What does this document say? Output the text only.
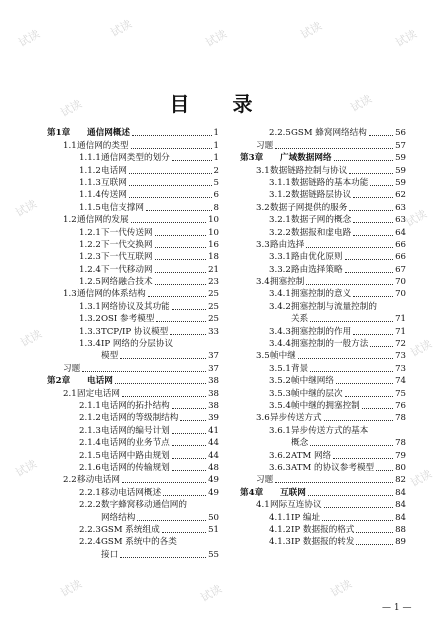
目 录
第1章	通信网概述	1
1.1 通信网的类型	1
1.1.1 通信网类型的划分	1
1.1.2 电话网	2
1.1.3 互联网	5
1.1.4 传送网	6
1.1.5 电信支撑网	8
1.2 通信网的发展	10
1.2.1 下一代传送网	10
1.2.2 下一代交换网	16
1.2.3 下一代互联网	18
1.2.4 下一代移动网	21
1.2.5 网络融合技术	23
1.3 通信网的体系结构	25
1.3.1 网络协议及其功能	25
1.3.2 OSI 参考模型	25
1.3.3 TCP/IP 协议模型	33
1.3.4 IP 网络的分层协议
模型	37
习题	37
第2章	电话网	38
2.1 固定电话网	38
2.1.1 电话网的拓扑结构	38
2.1.2 电话网的等级制结构	39
2.1.3 电话网的编号计划	41
2.1.4 电话网的业务节点	44
2.1.5 电话网中路由规划	44
2.1.6 电话网的传输规划	48
2.2 移动电话网	49
2.2.1 移动电话网概述	49
2.2.2 数字蜂窝移动通信网的
网络结构	50
2.2.3 GSM 系统组成	51
2.2.4 GSM 系统中的各类
接口	55
2.2.5 GSM 蜂窝网络结构	56
习题	57
第3章	广域数据网络	59
3.1 数据链路控制与协议	59
3.1.1 数据链路的基本功能	59
3.1.2 数据链路层协议	62
3.2 数据子网提供的服务	63
3.2.1 数据子网的概念	63
3.2.2 数据报和虚电路	64
3.3 路由选择	66
3.3.1 路由优化原则	66
3.3.2 路由选择策略	67
3.4 拥塞控制	70
3.4.1 拥塞控制的意义	70
3.4.2 拥塞控制与流量控制的
关系	71
3.4.3 拥塞控制的作用	71
3.4.4 拥塞控制的一般方法	72
3.5 帧中继	73
3.5.1 背景	73
3.5.2 帧中继网络	74
3.5.3 帧中继的层次	75
3.5.4 帧中继的拥塞控制	76
3.6 异步传送方式	78
3.6.1 异步传送方式的基本
概念	78
3.6.2 ATM 网络	79
3.6.3 ATM 的协议参考模型 80
习题	82
第4章	互联网	84
4.1 网际互连协议	84
4.1.1 IP 编址	84
4.1.2 IP 数据报的格式	88
4.1.3 IP 数据报的转发	89
— 1 —
试读	试读	试读	试读	试读
试读	试读
试读	试读
试读	试读
试读	试读
试读	试读	试读
